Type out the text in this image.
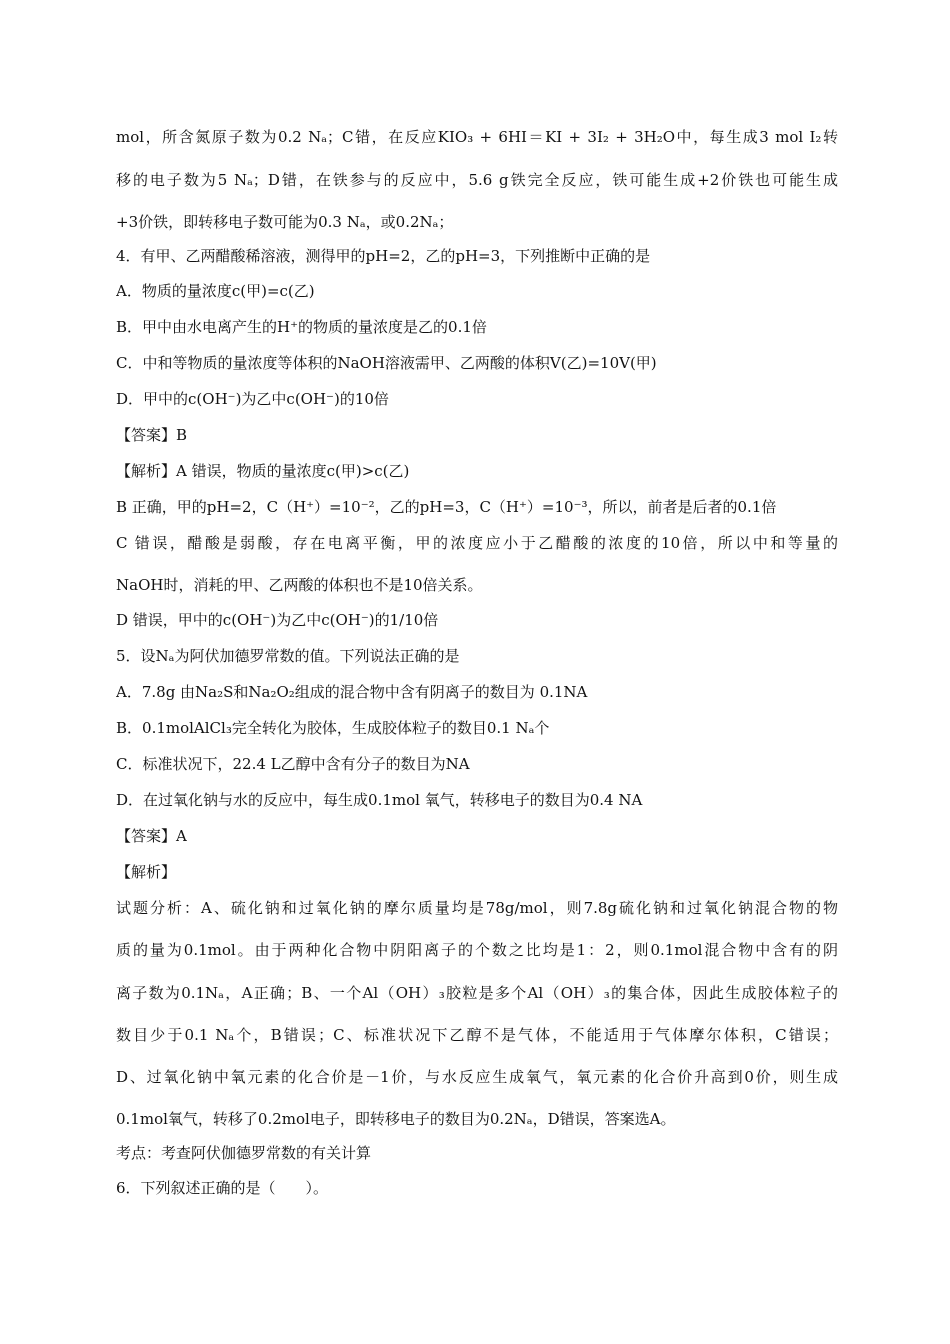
mol，所含氮原子数为0.2 Nₐ；C错，在反应KIO₃ + 6HI＝KI + 3I₂ + 3H₂O中，每生成3 mol I₂转
移的电子数为5 Nₐ；D错，在铁参与的反应中，5.6 g铁完全反应，铁可能生成+2价铁也可能生成
+3价铁，即转移电子数可能为0.3 Nₐ，或0.2Nₐ；
4．有甲、乙两醋酸稀溶液，测得甲的pH=2，乙的pH=3，下列推断中正确的是
A．物质的量浓度c(甲)=c(乙)
B．甲中由水电离产生的H⁺的物质的量浓度是乙的0.1倍
C．中和等物质的量浓度等体积的NaOH溶液需甲、乙两酸的体积V(乙)=10V(甲)
D．甲中的c(OH⁻)为乙中c(OH⁻)的10倍
【答案】B
【解析】A 错误，物质的量浓度c(甲)>c(乙)
B 正确，甲的pH=2，C（H⁺）=10⁻²，乙的pH=3，C（H⁺）=10⁻³，所以，前者是后者的0.1倍
C 错误，醋酸是弱酸，存在电离平衡，甲的浓度应小于乙醋酸的浓度的10倍，所以中和等量的
NaOH时，消耗的甲、乙两酸的体积也不是10倍关系。
D 错误，甲中的c(OH⁻)为乙中c(OH⁻)的1/10倍
5．设Nₐ为阿伏加德罗常数的值。下列说法正确的是
A．7.8g 由Na₂S和Na₂O₂组成的混合物中含有阴离子的数目为 0.1NA
B．0.1molAlCl₃完全转化为胶体，生成胶体粒子的数目0.1 Nₐ个
C．标准状况下，22.4 L乙醇中含有分子的数目为NA
D．在过氧化钠与水的反应中，每生成0.1mol 氧气，转移电子的数目为0.4 NA
【答案】A
【解析】
试题分析：A、硫化钠和过氧化钠的摩尔质量均是78g/mol，则7.8g硫化钠和过氧化钠混合物的物
质的量为0.1mol。由于两种化合物中阴阳离子的个数之比均是1：2，则0.1mol混合物中含有的阴
离子数为0.1Nₐ，A正确；B、一个Al（OH）₃胶粒是多个Al（OH）₃的集合体，因此生成胶体粒子的
数目少于0.1 Nₐ个，B错误；C、标准状况下乙醇不是气体，不能适用于气体摩尔体积，C错误；
D、过氧化钠中氧元素的化合价是－1价，与水反应生成氧气，氧元素的化合价升高到0价，则生成
0.1mol氧气，转移了0.2mol电子，即转移电子的数目为0.2Nₐ，D错误，答案选A。
考点：考查阿伏伽德罗常数的有关计算
6．下列叙述正确的是（　　）。
